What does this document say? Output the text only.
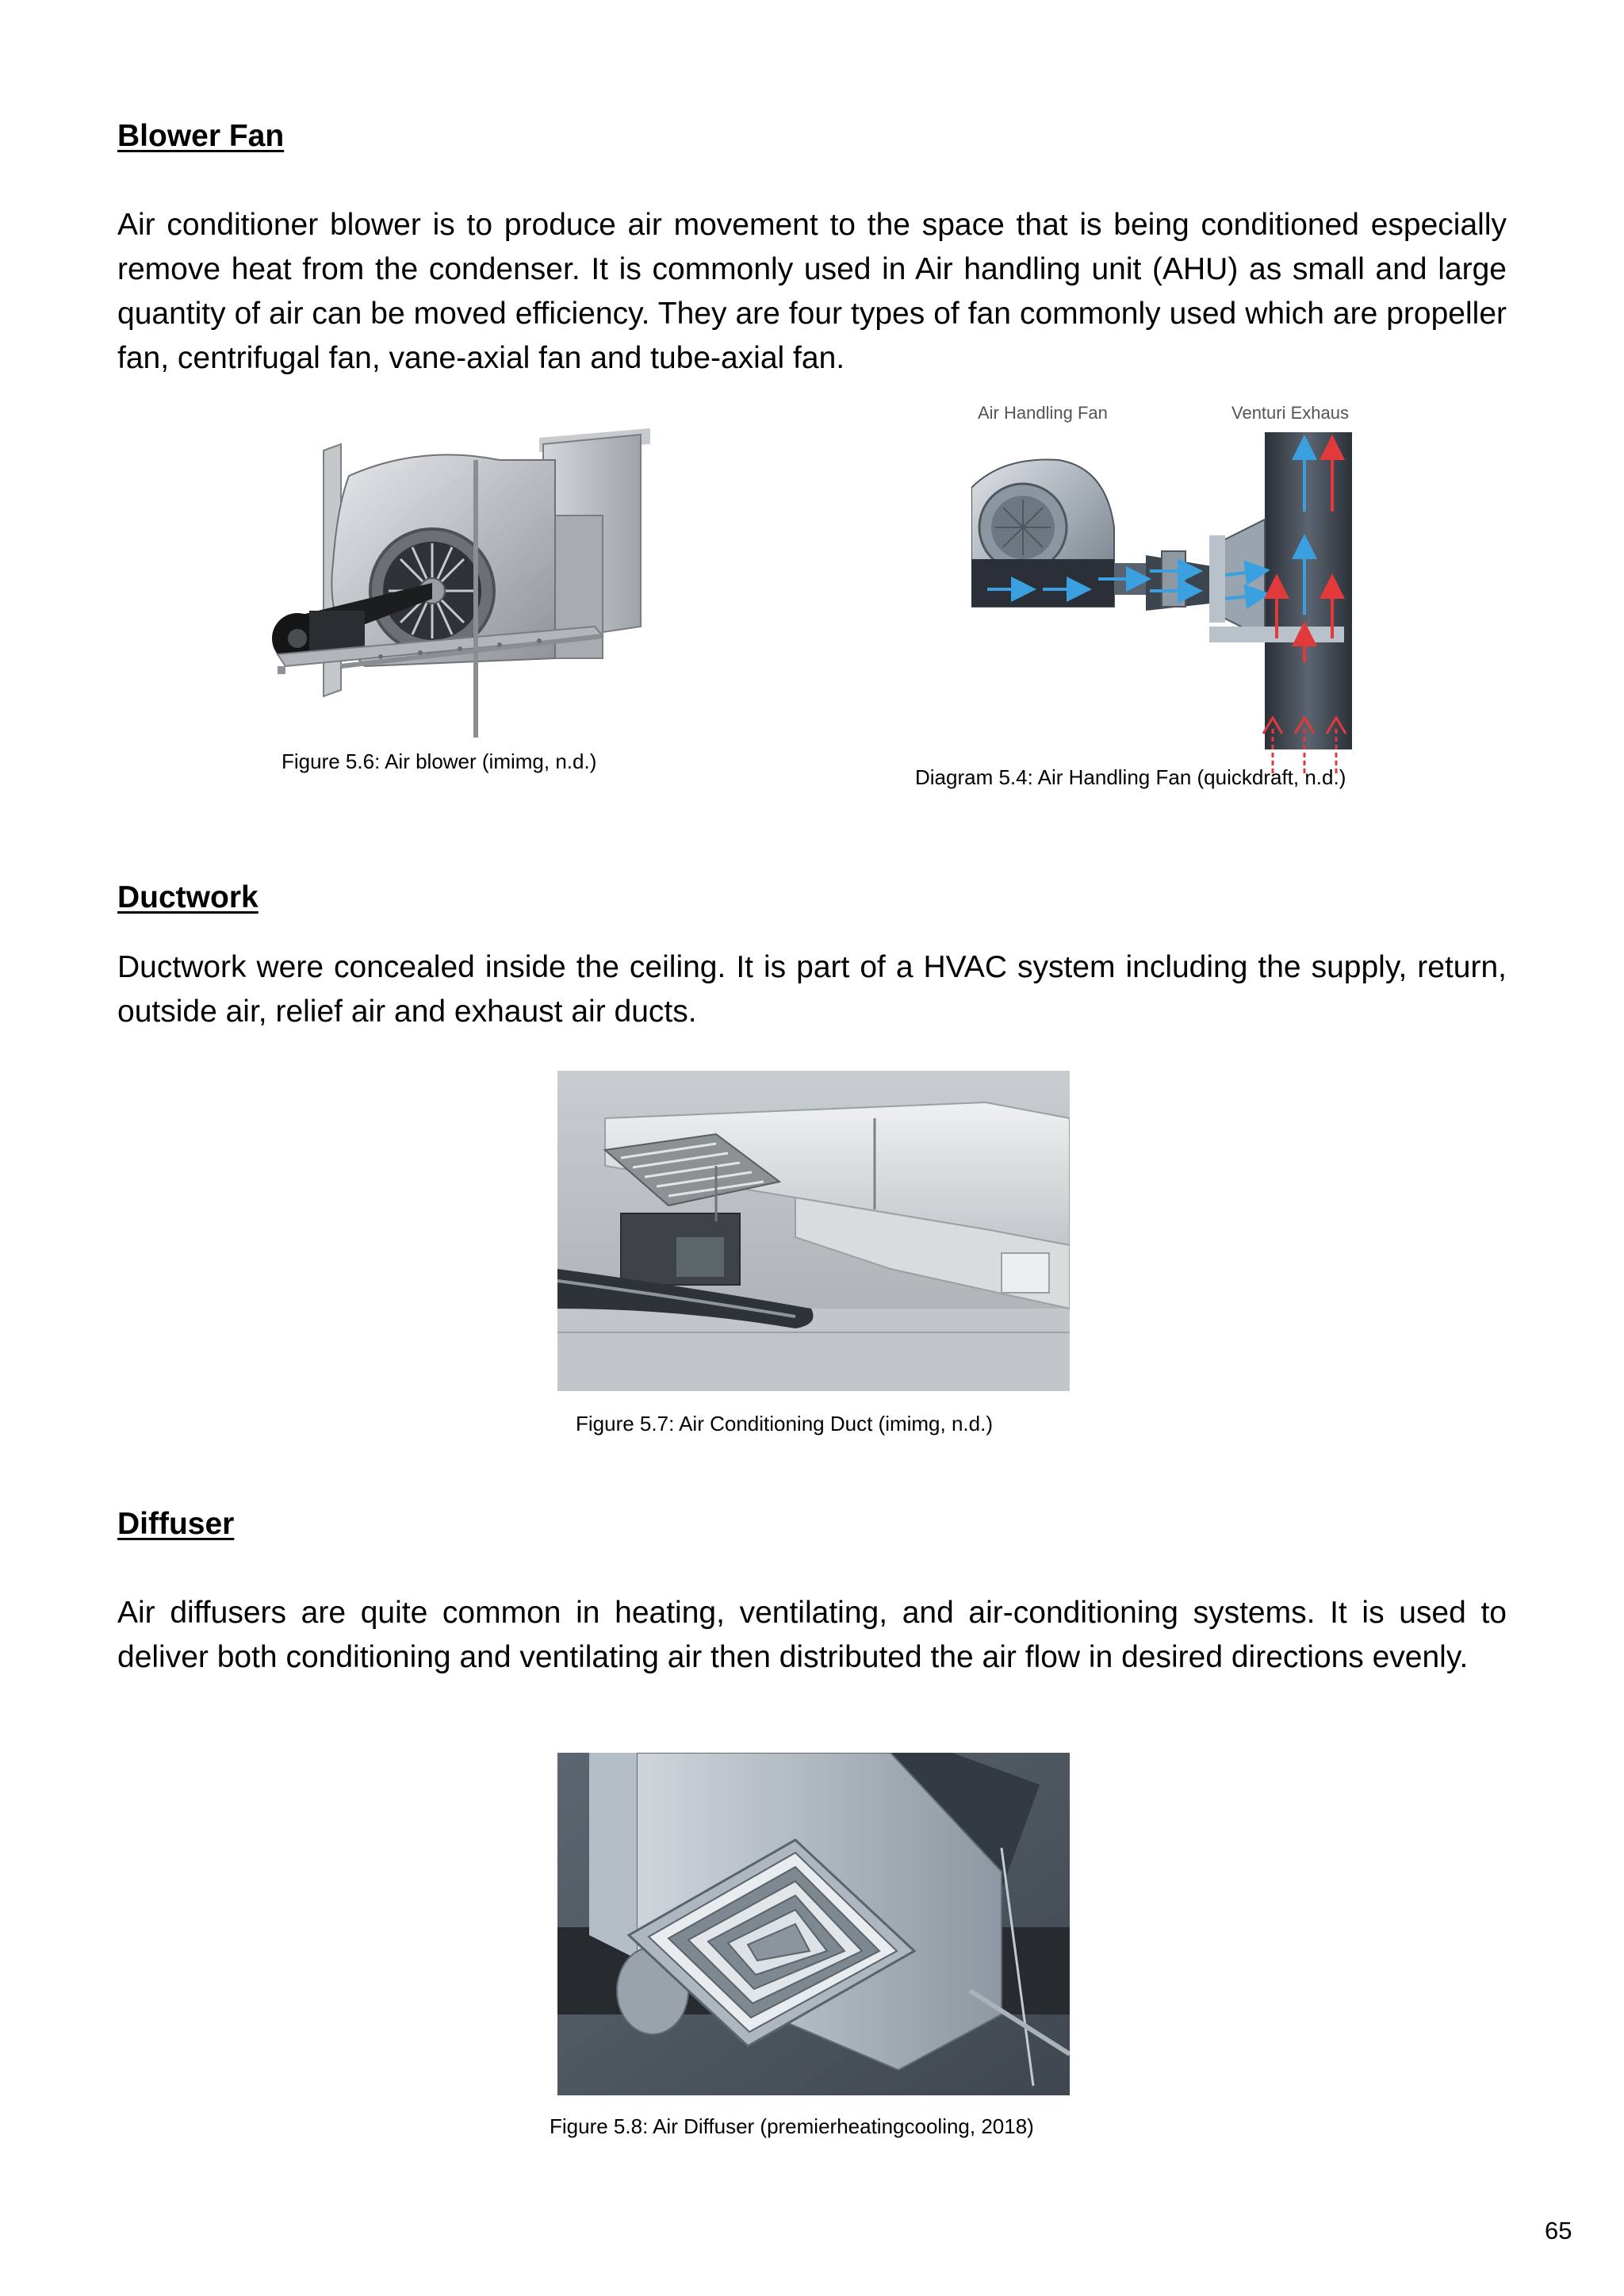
Blower Fan

Air conditioner blower is to produce air movement to the space that is being conditioned especially remove heat from the condenser. It is commonly used in Air handling unit (AHU) as small and large quantity of air can be moved efficiency. They are four types of fan commonly used which are propeller fan, centrifugal fan, vane-axial fan and tube-axial fan.

Figure 5.6: Air blower (imimg, n.d.)
Air Handling Fan	Venturi Exhaus
Diagram 5.4: Air Handling Fan (quickdraft, n.d.)
Ductwork

Ductwork were concealed inside the ceiling. It is part of a HVAC system including the supply, return, outside air, relief air and exhaust air ducts.

Figure 5.7: Air Conditioning Duct (imimg, n.d.)
Diffuser

Air diffusers are quite common in heating, ventilating, and air-conditioning systems. It is used to deliver both conditioning and ventilating air then distributed the air flow in desired directions evenly.

Figure 5.8: Air Diffuser (premierheatingcooling, 2018)
65
